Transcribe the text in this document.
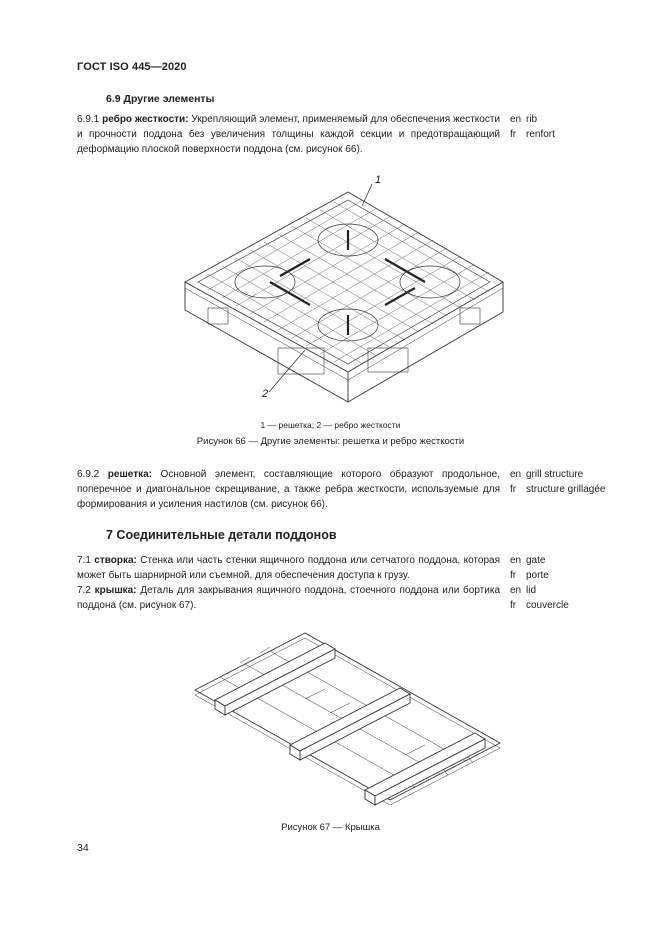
ГОСТ ISO 445—2020
6.9 Другие элементы
6.9.1 ребро жесткости: Укрепляющий элемент, применяемый для обеспечения жесткости и прочности поддона без увеличения толщины каждой секции и предотвращающий деформацию плоской поверхности поддона (см. рисунок 66).
en rib
fr renfort
1
2
1 — решетка; 2 — ребро жесткости
Рисунок 66 — Другие элементы: решетка и ребро жесткости
6.9.2 решетка: Основной элемент, составляющие которого образуют продольное, поперечное и диагональное скрещивание, а также ребра жесткости, используемые для формирования и усиления настилов (см. рисунок 66).
en grill structure
fr structure grillagée
7 Соединительные детали поддонов
7.1 створка: Стенка или часть стенки ящичного поддона или сетчатого поддона, которая может быть шарнирной или съемной, для обеспечения доступа к грузу.
en gate
fr porte
7.2 крышка: Деталь для закрывания ящичного поддона, стоечного поддона или бортика поддона (см. рисунок 67).
en lid
fr couvercle
Рисунок 67 — Крышка
34
